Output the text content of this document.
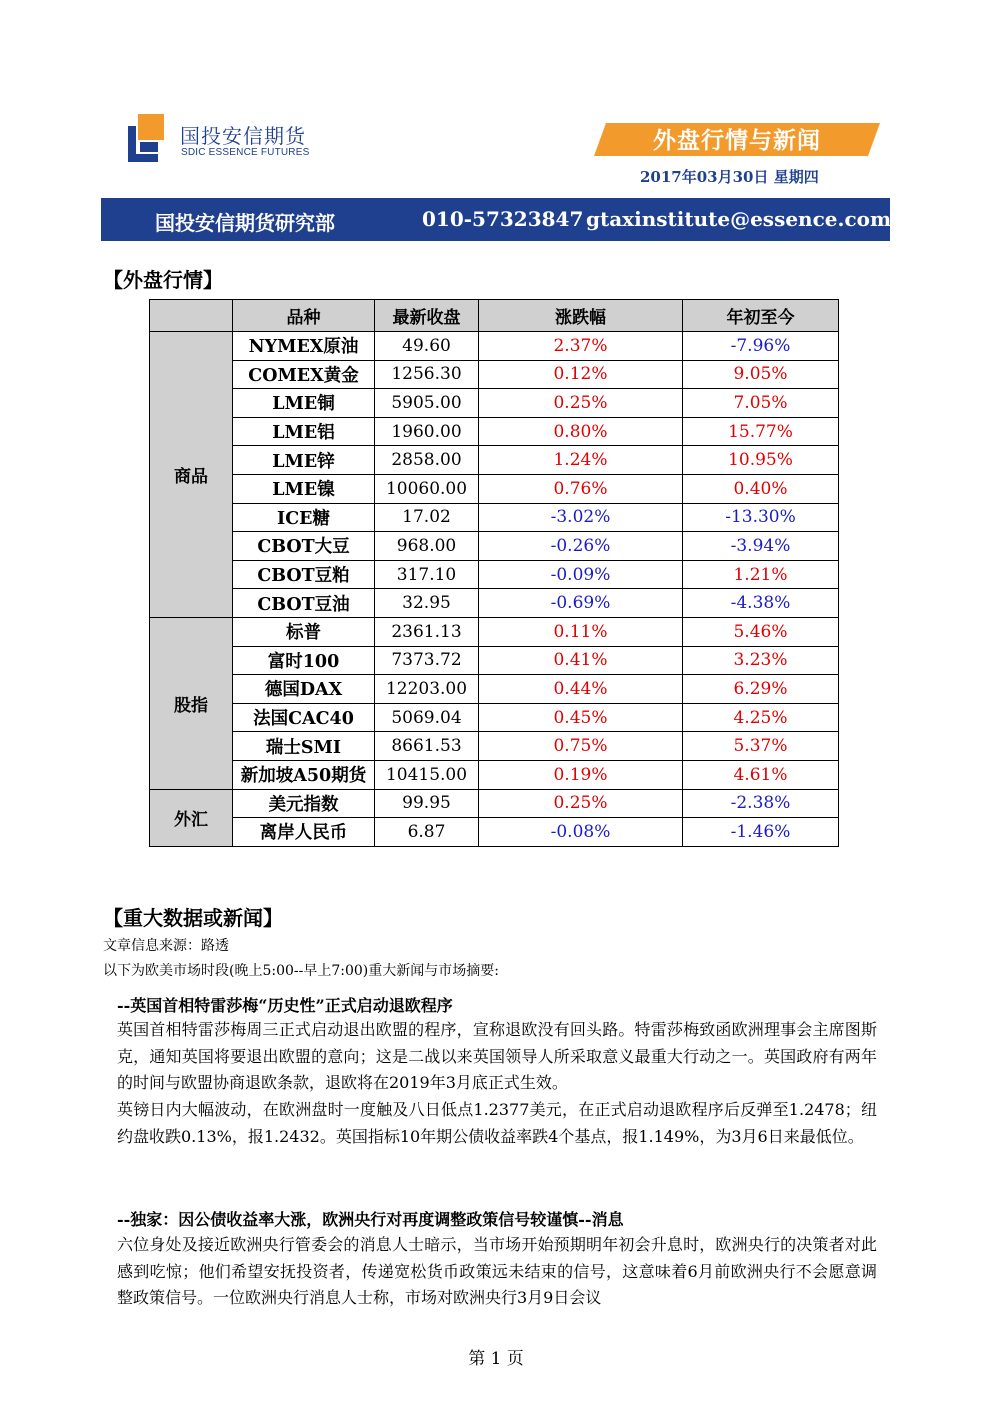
国投安信期货
SDIC ESSENCE FUTURES	外盘行情与新闻
2017年03月30日 星期四
国投安信期货研究部	010-57323847 gtaxinstitute@essence.com.cn
【外盘行情】
	品种	最新收盘	涨跌幅	年初至今
商品	NYMEX原油	49.60	2.37%	-7.96%
	COMEX黄金	1256.30	0.12%	9.05%
	LME铜	5905.00	0.25%	7.05%
	LME铝	1960.00	0.80%	15.77%
	LME锌	2858.00	1.24%	10.95%
	LME镍	10060.00	0.76%	0.40%
	ICE糖	17.02	-3.02%	-13.30%
	CBOT大豆	968.00	-0.26%	-3.94%
	CBOT豆粕	317.10	-0.09%	1.21%
	CBOT豆油	32.95	-0.69%	-4.38%
股指	标普	2361.13	0.11%	5.46%
	富时100	7373.72	0.41%	3.23%
	德国DAX	12203.00	0.44%	6.29%
	法国CAC40	5069.04	0.45%	4.25%
	瑞士SMI	8661.53	0.75%	5.37%
	新加坡A50期货	10415.00	0.19%	4.61%
外汇	美元指数	99.95	0.25%	-2.38%
	离岸人民币	6.87	-0.08%	-1.46%
【重大数据或新闻】
文章信息来源：路透
以下为欧美市场时段(晚上5:00--早上7:00)重大新闻与市场摘要:
--英国首相特雷莎梅“历史性”正式启动退欧程序
英国首相特雷莎梅周三正式启动退出欧盟的程序，宣称退欧没有回头路。特雷莎梅致函欧洲理事会主席图斯克，通知英国将要退出欧盟的意向；这是二战以来英国领导人所采取意义最重大行动之一。英国政府有两年的时间与欧盟协商退欧条款，退欧将在2019年3月底正式生效。
英镑日内大幅波动，在欧洲盘时一度触及八日低点1.2377美元，在正式启动退欧程序后反弹至1.2478；纽约盘收跌0.13%，报1.2432。英国指标10年期公债收益率跌4个基点，报1.149%，为3月6日来最低位。
--独家：因公债收益率大涨，欧洲央行对再度调整政策信号较谨慎--消息
六位身处及接近欧洲央行管委会的消息人士暗示，当市场开始预期明年初会升息时，欧洲央行的决策者对此感到吃惊；他们希望安抚投资者，传递宽松货币政策远未结束的信号，这意味着6月前欧洲央行不会愿意调整政策信号。一位欧洲央行消息人士称，市场对欧洲央行3月9日会议
第 1 页
